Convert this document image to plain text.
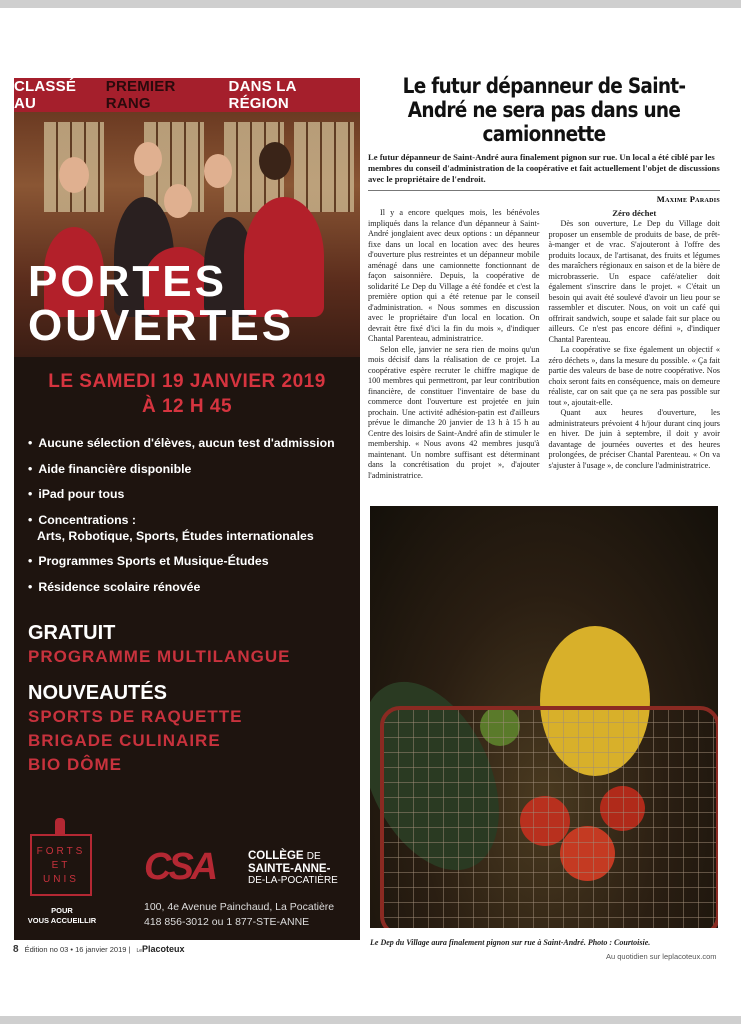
CLASSÉ AU

PREMIER RANG

DANS LA RÉGION
PORTES
OUVERTES
LE SAMEDI 19 JANVIER 2019
À 12 H 45
• Aucune sélection d'élèves, aucun test d'admission
• Aide financière disponible
• iPad pour tous
• Concentrations :
Arts, Robotique, Sports, Études internationales
• Programmes Sports et Musique-Études
• Résidence scolaire rénovée
GRATUIT
PROGRAMME MULTILANGUE
NOUVEAUTÉS
SPORTS DE RAQUETTE
BRIGADE CULINAIRE
BIO DÔME
FORTS
ET
UNIS
POUR
VOUS ACCUEILLIR
CSA	COLLÈGE DE
SAINTE-ANNE-
DE-LA-POCATIÈRE
100, 4e Avenue Painchaud, La Pocatière
418 856-3012 ou 1 877-STE-ANNE
Le futur dépanneur de Saint-André ne sera pas dans une camionnette
Le futur dépanneur de Saint-André aura finalement pignon sur rue. Un local a été ciblé par les membres du conseil d'administration de la coopérative et fait actuellement l'objet de discussions avec le propriétaire de l'endroit.
Maxime Paradis

Il y a encore quelques mois, les bénévoles impliqués dans la relance d'un dépanneur à Saint-André jonglaient avec deux options : un dépanneur fixe dans un local en location avec des heures d'ouverture plus restreintes et un dépanneur mobile aménagé dans une camionnette fonctionnant de façon saisonnière. Depuis, la coopérative de solidarité Le Dep du Village a été fondée et c'est la première option qui a été retenue par le conseil d'administration. « Nous sommes en discussion avec le propriétaire d'un local en location. On devrait être fixé d'ici la fin du mois », d'indiquer Chantal Parenteau, administratrice.

Selon elle, janvier ne sera rien de moins qu'un mois décisif dans la réalisation de ce projet. La coopérative espère recruter le chiffre magique de 100 membres qui permettront, par leur contribution financière, de constituer l'inventaire de base du commerce dont l'ouverture est projetée en juin prochain. Une activité adhésion-patin est d'ailleurs prévue le dimanche 20 janvier de 13 h à 15 h au Centre des loisirs de Saint-André afin de stimuler le membership. « Nous avons 42 membres jusqu'à maintenant. Un nombre suffisant est déterminant dans la concrétisation du projet », d'ajouter l'administratrice.

Zéro déchet

Dès son ouverture, Le Dep du Village doit proposer un ensemble de produits de base, de prêt-à-manger et de vrac. S'ajouteront à l'offre des produits locaux, de l'artisanat, des fruits et légumes des maraîchers régionaux en saison et de la bière de microbrasserie. Un espace café/atelier doit également s'inscrire dans le projet. « C'était un besoin qui avait été soulevé d'avoir un lieu pour se rassembler et discuter. Nous, on voit un café qui offrirait sandwich, soupe et salade fait sur place ou ailleurs. Ce n'est pas encore défini », d'indiquer Chantal Parenteau.

La coopérative se fixe également un objectif « zéro déchets », dans la mesure du possible. « Ça fait partie des valeurs de base de notre coopérative. Nos choix seront faits en conséquence, mais on demeure réaliste, car on sait que ça ne sera pas possible sur tout », ajoutait-elle.

Quant aux heures d'ouverture, les administrateurs prévoient 4 h/jour durant cinq jours en hiver. De juin à septembre, il doit y avoir davantage de journées ouvertes et des heures prolongées, de préciser Chantal Parenteau. « On va s'ajuster à l'usage », de conclure l'administratrice.

Le Dep du Village aura finalement pignon sur rue à Saint-André. Photo : Courtoisie.
Au quotidien sur leplacoteux.com
8 Édition no 03 • 16 janvier 2019 | LePlacoteux
